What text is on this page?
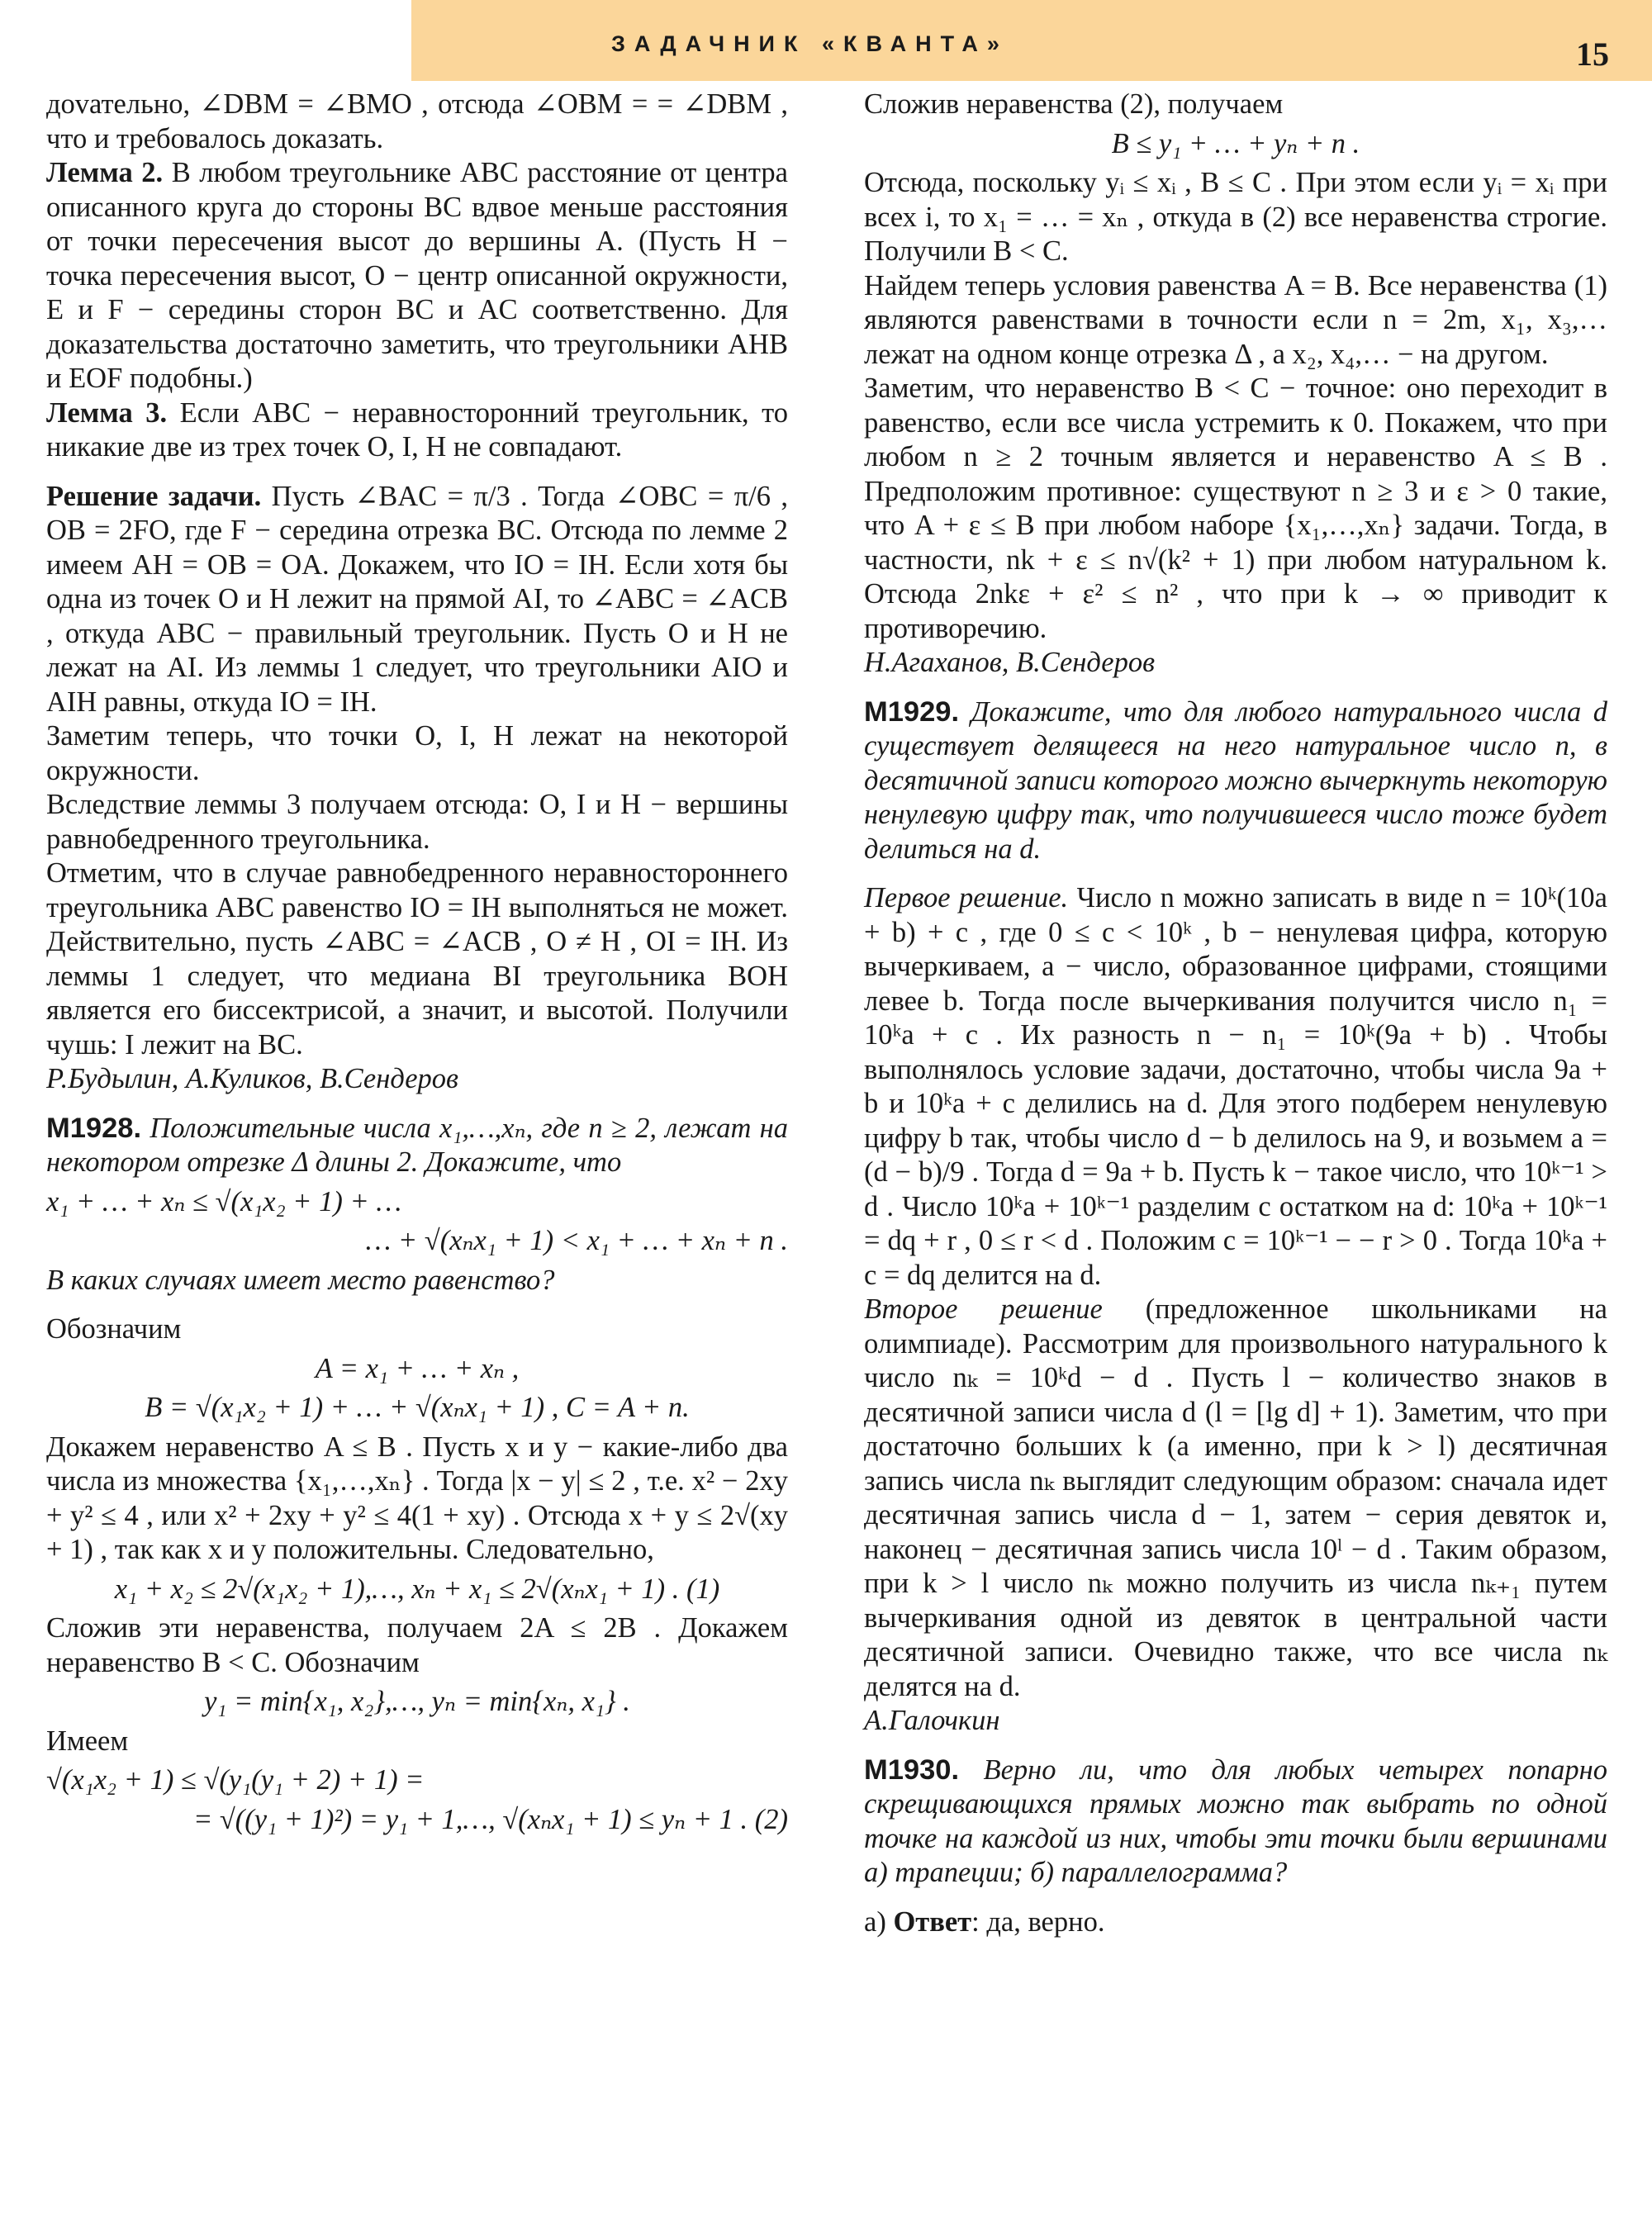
ЗАДАЧНИК «КВАНТА»	15

дovательно, ∠DBM = ∠BMO , отсюда ∠OBM = = ∠DBM , что и требовалось доказать.

Лемма 2. В любом треугольнике ABC расстояние от центра описанного круга до стороны BC вдвое меньше расстояния от точки пересечения высот до вершины A. (Пусть H − точка пересечения высот, O − центр описанной окружности, E и F − середины сторон BC и AC соответственно. Для доказательства достаточно заметить, что треугольники AHB и EOF подобны.)

Лемма 3. Если ABC − неравносторонний треугольник, то никакие две из трех точек O, I, H не совпадают.

Решение задачи. Пусть ∠BAC = π/3 . Тогда ∠OBC = π/6 , OB = 2FO, где F − середина отрезка BC. Отсюда по лемме 2 имеем AH = OB = OA. Докажем, что IO = IH. Если хотя бы одна из точек O и H лежит на прямой AI, то ∠ABC = ∠ACB , откуда ABC − правильный треугольник. Пусть O и H не лежат на AI. Из леммы 1 следует, что треугольники AIO и AIH равны, откуда IO = IH.

Заметим теперь, что точки O, I, H лежат на некоторой окружности.

Вследствие леммы 3 получаем отсюда: O, I и H − вершины равнобедренного треугольника.

Отметим, что в случае равнобедренного неравностороннего треугольника ABC равенство IO = IH выполняться не может. Действительно, пусть ∠ABC = ∠ACB , O ≠ H , OI = IH. Из леммы 1 следует, что медиана BI треугольника BOH является его биссектрисой, а значит, и высотой. Получили чушь: I лежит на BC.

Р.Будылин, А.Куликов, В.Сендеров

М1928. Положительные числа x₁,…,xₙ, где n ≥ 2, лежат на некотором отрезке Δ длины 2. Докажите, что

x₁ + … + xₙ ≤ √(x₁x₂ + 1) + …
… + √(xₙx₁ + 1) < x₁ + … + xₙ + n .

В каких случаях имеет место равенство?

Обозначим

A = x₁ + … + xₙ ,
B = √(x₁x₂ + 1) + … + √(xₙx₁ + 1) , C = A + n.

Докажем неравенство A ≤ B . Пусть x и y − какие-либо два числа из множества {x₁,…,xₙ} . Тогда |x − y| ≤ 2 , т.е. x² − 2xy + y² ≤ 4 , или x² + 2xy + y² ≤ 4(1 + xy) . Отсюда x + y ≤ 2√(xy + 1) , так как x и y положительны. Следовательно,

x₁ + x₂ ≤ 2√(x₁x₂ + 1),…, xₙ + x₁ ≤ 2√(xₙx₁ + 1) . (1)

Сложив эти неравенства, получаем 2A ≤ 2B . Докажем неравенство B < C. Обозначим

y₁ = min{x₁, x₂},…, yₙ = min{xₙ, x₁} .

Имеем

√(x₁x₂ + 1) ≤ √(y₁(y₁ + 2) + 1) =
= √((y₁ + 1)²) = y₁ + 1,…, √(xₙx₁ + 1) ≤ yₙ + 1 . (2)

Сложив неравенства (2), получаем

B ≤ y₁ + … + yₙ + n .

Отсюда, поскольку yᵢ ≤ xᵢ , B ≤ C . При этом если yᵢ = xᵢ при всех i, то x₁ = … = xₙ , откуда в (2) все неравенства строгие. Получили B < C.

Найдем теперь условия равенства A = B. Все неравенства (1) являются равенствами в точности если n = 2m, x₁, x₃,… лежат на одном конце отрезка Δ , а x₂, x₄,… − на другом.

Заметим, что неравенство B < C − точное: оно переходит в равенство, если все числа устремить к 0. Покажем, что при любом n ≥ 2 точным является и неравенство A ≤ B . Предположим противное: существуют n ≥ 3 и ε > 0 такие, что A + ε ≤ B при любом наборе {x₁,…,xₙ} задачи. Тогда, в частности, nk + ε ≤ n√(k² + 1) при любом натуральном k. Отсюда 2nkε + ε² ≤ n² , что при k → ∞ приводит к противоречию.

Н.Агаханов, В.Сендеров

М1929. Докажите, что для любого натурального числа d существует делящееся на него натуральное число n, в десятичной записи которого можно вычеркнуть некоторую ненулевую цифру так, что получившееся число тоже будет делиться на d.

Первое решение. Число n можно записать в виде n = 10ᵏ(10a + b) + c , где 0 ≤ c < 10ᵏ , b − ненулевая цифра, которую вычеркиваем, a − число, образованное цифрами, стоящими левее b. Тогда после вычеркивания получится число n₁ = 10ᵏa + c . Их разность n − n₁ = 10ᵏ(9a + b) . Чтобы выполнялось условие задачи, достаточно, чтобы числа 9a + b и 10ᵏa + c делились на d. Для этого подберем ненулевую цифру b так, чтобы число d − b делилось на 9, и возьмем a = (d − b)/9 . Тогда d = 9a + b. Пусть k − такое число, что 10ᵏ⁻¹ > d . Число 10ᵏa + 10ᵏ⁻¹ разделим с остатком на d: 10ᵏa + 10ᵏ⁻¹ = dq + r , 0 ≤ r < d . Положим c = 10ᵏ⁻¹ − − r > 0 . Тогда 10ᵏa + c = dq делится на d.

Второе решение (предложенное школьниками на олимпиаде). Рассмотрим для произвольного натурального k число nₖ = 10ᵏd − d . Пусть l − количество знаков в десятичной записи числа d (l = [lg d] + 1). Заметим, что при достаточно больших k (а именно, при k > l) десятичная запись числа nₖ выглядит следующим образом: сначала идет десятичная запись числа d − 1, затем − серия девяток и, наконец − десятичная запись числа 10ˡ − d . Таким образом, при k > l число nₖ можно получить из числа nₖ₊₁ путем вычеркивания одной из девяток в центральной части десятичной записи. Очевидно также, что все числа nₖ делятся на d.

А.Галочкин

М1930. Верно ли, что для любых четырех попарно скрещивающихся прямых можно так выбрать по одной точке на каждой из них, чтобы эти точки были вершинами а) трапеции; б) параллелограмма?

а) Ответ: да, верно.
